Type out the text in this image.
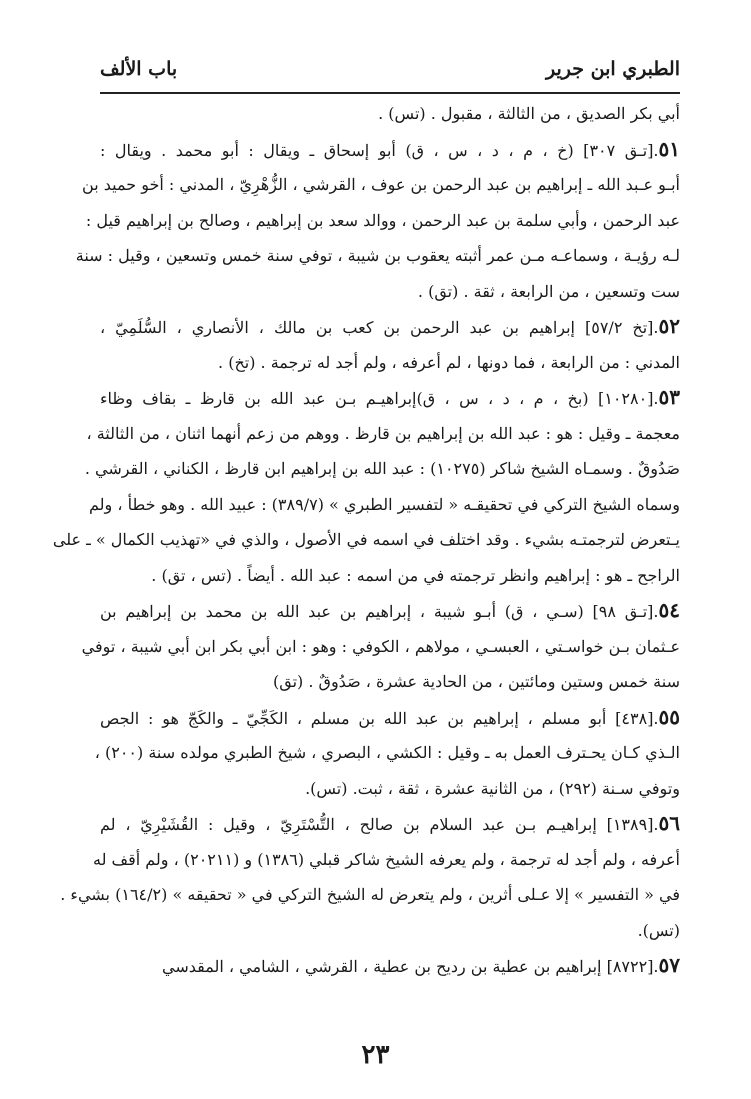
الطبري ابن جرير
باب الألف
أبي بكر الصديق ، من الثالثة ، مقبول . (تس) .
٥١.[تـق ٣٠٧] (خ ، م ، د ، س ، ق) أبو إسحاق ـ ويقال : أبو محمد . ويقال :
أبـو عـبد الله ـ إبراهيم بن عبد الرحمن بن عوف ، القرشي ، الزُّهْرِيّ ، المدني : أخو حميد بن
عبد الرحمن ، وأبي سلمة بن عبد الرحمن ، ووالد سعد بن إبراهيم ، وصالح بن إبراهيم قيل :
لـه رؤيـة ، وسماعـه مـن عمر أثبته يعقوب بن شيبة ، توفي سنة خمس وتسعين ، وقيل : سنة
ست وتسعين ، من الرابعة ، ثقة . (تق) .
٥٢.[تخ ٥٧/٢] إبراهيم بن عبد الرحمن بن كعب بن مالك ، الأنصاري ، السُّلَمِيّ ،
المدني : من الرابعة ، فما دونها ، لم أعرفه ، ولم أجد له ترجمة . (تخ) .
٥٣.[١٠٢٨٠] (بخ ، م ، د ، س ، ق)إبراهيـم بـن عبد الله بن قارظ ـ بقاف وظاء
معجمة ـ وقيل : هو : عبد الله بن إبراهيم بن قارظ . ووهم من زعم أنهما اثنان ، من الثالثة ،
صَدُوقٌ . وسمـاه الشيخ شاكر (١٠٢٧٥) : عبد الله بن إبراهيم ابن قارظ ، الكناني ، القرشي .
وسماه الشيخ التركي في تحقيقـه « لتفسير الطبري » (٣٨٩/٧) : عبيد الله . وهو خطأ ، ولم
يـتعرض لترجمتـه بشيء . وقد اختلف في اسمه في الأصول ، والذي في «تهذيب الكمال » ـ على
الراجح ـ هو : إبراهيم وانظر ترجمته في من اسمه : عبد الله . أيضاً . (تس ، تق) .
٥٤.[تـق ٩٨] (سـي ، ق) أبـو شيبة ، إبراهيم بن عبد الله بن محمد بن إبراهيم بن
عـثمان بـن خواسـتي ، العبسـي ، مولاهم ، الكوفي : وهو : ابن أبي بكر ابن أبي شيبة ، توفي
سنة خمس وستين ومائتين ، من الحادية عشرة ، صَدُوقٌ . (تق)
٥٥.[٤٣٨] أبو مسلم ، إبراهيم بن عبد الله بن مسلم ، الكَجِّيّ ـ والكَجّ هو : الجص
الـذي كـان يحـترف العمل به ـ وقيل : الكشي ، البصري ، شيخ الطبري مولده سنة (٢٠٠) ،
وتوفي سـنة (٢٩٢) ، من الثانية عشرة ، ثقة ، ثبت. (تس).
٥٦.[١٣٨٩] إبراهيـم بـن عبد السلام بن صالح ، التُّسْتَرِيّ ، وقيل : القُشَيْرِيّ ، لم
أعرفه ، ولم أجد له ترجمة ، ولم يعرفه الشيخ شاكر قبلي (١٣٨٦) و (٢٠٢١١) ، ولم أقف له
في « التفسير » إلا عـلى أثرين ، ولم يتعرض له الشيخ التركي في « تحقيقه » (١٦٤/٢) بشيء .
(تس).
٥٧.[٨٧٢٢] إبراهيم بن عطية بن رديح بن عطية ، القرشي ، الشامي ، المقدسي
٢٣
